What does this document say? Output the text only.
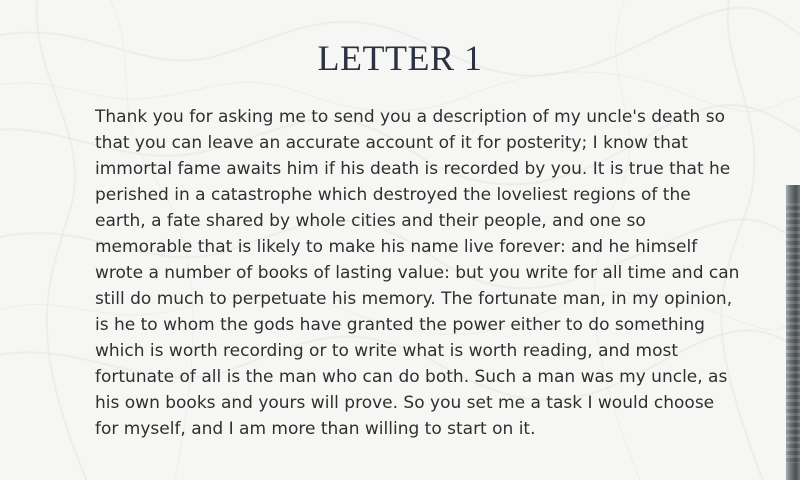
LETTER 1

Thank you for asking me to send you a description of my uncle's death so that you can leave an accurate account of it for posterity; I know that immortal fame awaits him if his death is recorded by you. It is true that he perished in a catastrophe which destroyed the loveliest regions of the earth, a fate shared by whole cities and their people, and one so memorable that is likely to make his name live forever: and he himself wrote a number of books of lasting value: but you write for all time and can still do much to perpetuate his memory. The fortunate man, in my opinion, is he to whom the gods have granted the power either to do something which is worth recording or to write what is worth reading, and most fortunate of all is the man who can do both. Such a man was my uncle, as his own books and yours will prove. So you set me a task I would choose for myself, and I am more than willing to start on it.
